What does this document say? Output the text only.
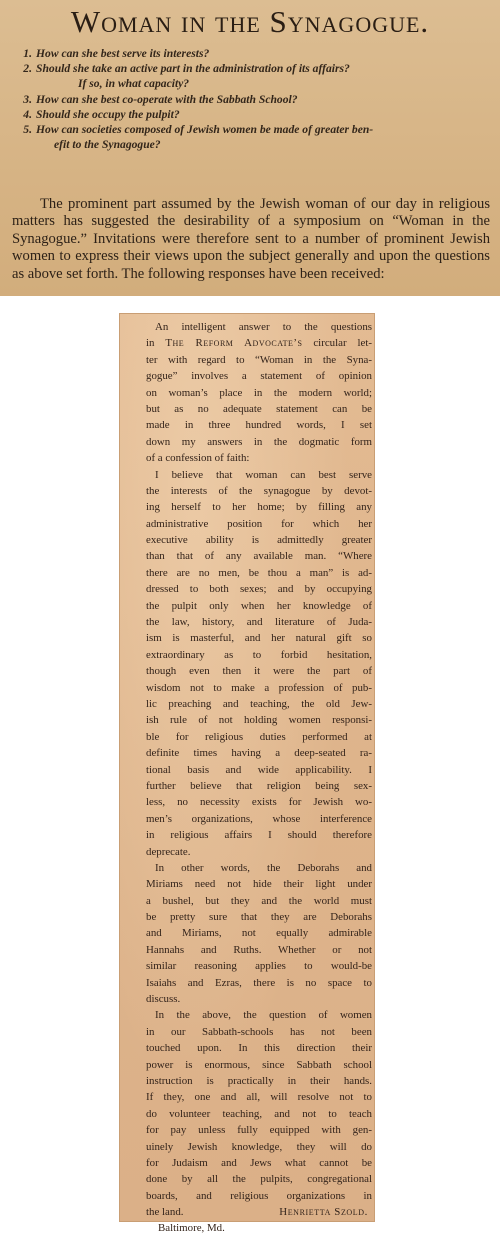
Woman in the Synagogue.
1. How can she best serve its interests?
2. Should she take an active part in the administration of its affairs?
If so, in what capacity?
3. How can she best co-operate with the Sabbath School?
4. Should she occupy the pulpit?
5. How can societies composed of Jewish women be made of greater ben-
efit to the Synagogue?

The prominent part assumed by the Jewish woman of our day in religious matters has suggested the desirability of a symposium on “Woman in the Synagogue.” Invitations were therefore sent to a number of prominent Jewish women to express their views upon the subject generally and upon the questions as above set forth. The following responses have been received:

An intelligent answer to the questions
in The Reform Advocate’s circular let-
ter with regard to “Woman in the Syna-
gogue” involves a statement of opinion
on woman’s place in the modern world;
but as no adequate statement can be
made in three hundred words, I set
down my answers in the dogmatic form
of a confession of faith:
I believe that woman can best serve
the interests of the synagogue by devot-
ing herself to her home; by filling any
administrative position for which her
executive ability is admittedly greater
than that of any available man. “Where
there are no men, be thou a man” is ad-
dressed to both sexes; and by occupying
the pulpit only when her knowledge of
the law, history, and literature of Juda-
ism is masterful, and her natural gift so
extraordinary as to forbid hesitation,
though even then it were the part of
wisdom not to make a profession of pub-
lic preaching and teaching, the old Jew-
ish rule of not holding women responsi-
ble for religious duties performed at
definite times having a deep-seated ra-
tional basis and wide applicability. I
further believe that religion being sex-
less, no necessity exists for Jewish wo-
men’s organizations, whose interference
in religious affairs I should therefore
deprecate.
In other words, the Deborahs and
Miriams need not hide their light under
a bushel, but they and the world must
be pretty sure that they are Deborahs
and Miriams, not equally admirable
Hannahs and Ruths. Whether or not
similar reasoning applies to would-be
Isaiahs and Ezras, there is no space to
discuss.
In the above, the question of women
in our Sabbath-schools has not been
touched upon. In this direction their
power is enormous, since Sabbath school
instruction is practically in their hands.
If they, one and all, will resolve not to
do volunteer teaching, and not to teach
for pay unless fully equipped with gen-
uinely Jewish knowledge, they will do
for Judaism and Jews what cannot be
done by all the pulpits, congregational
boards, and religious organizations in
the land.	Henrietta Szold.
Baltimore, Md.
